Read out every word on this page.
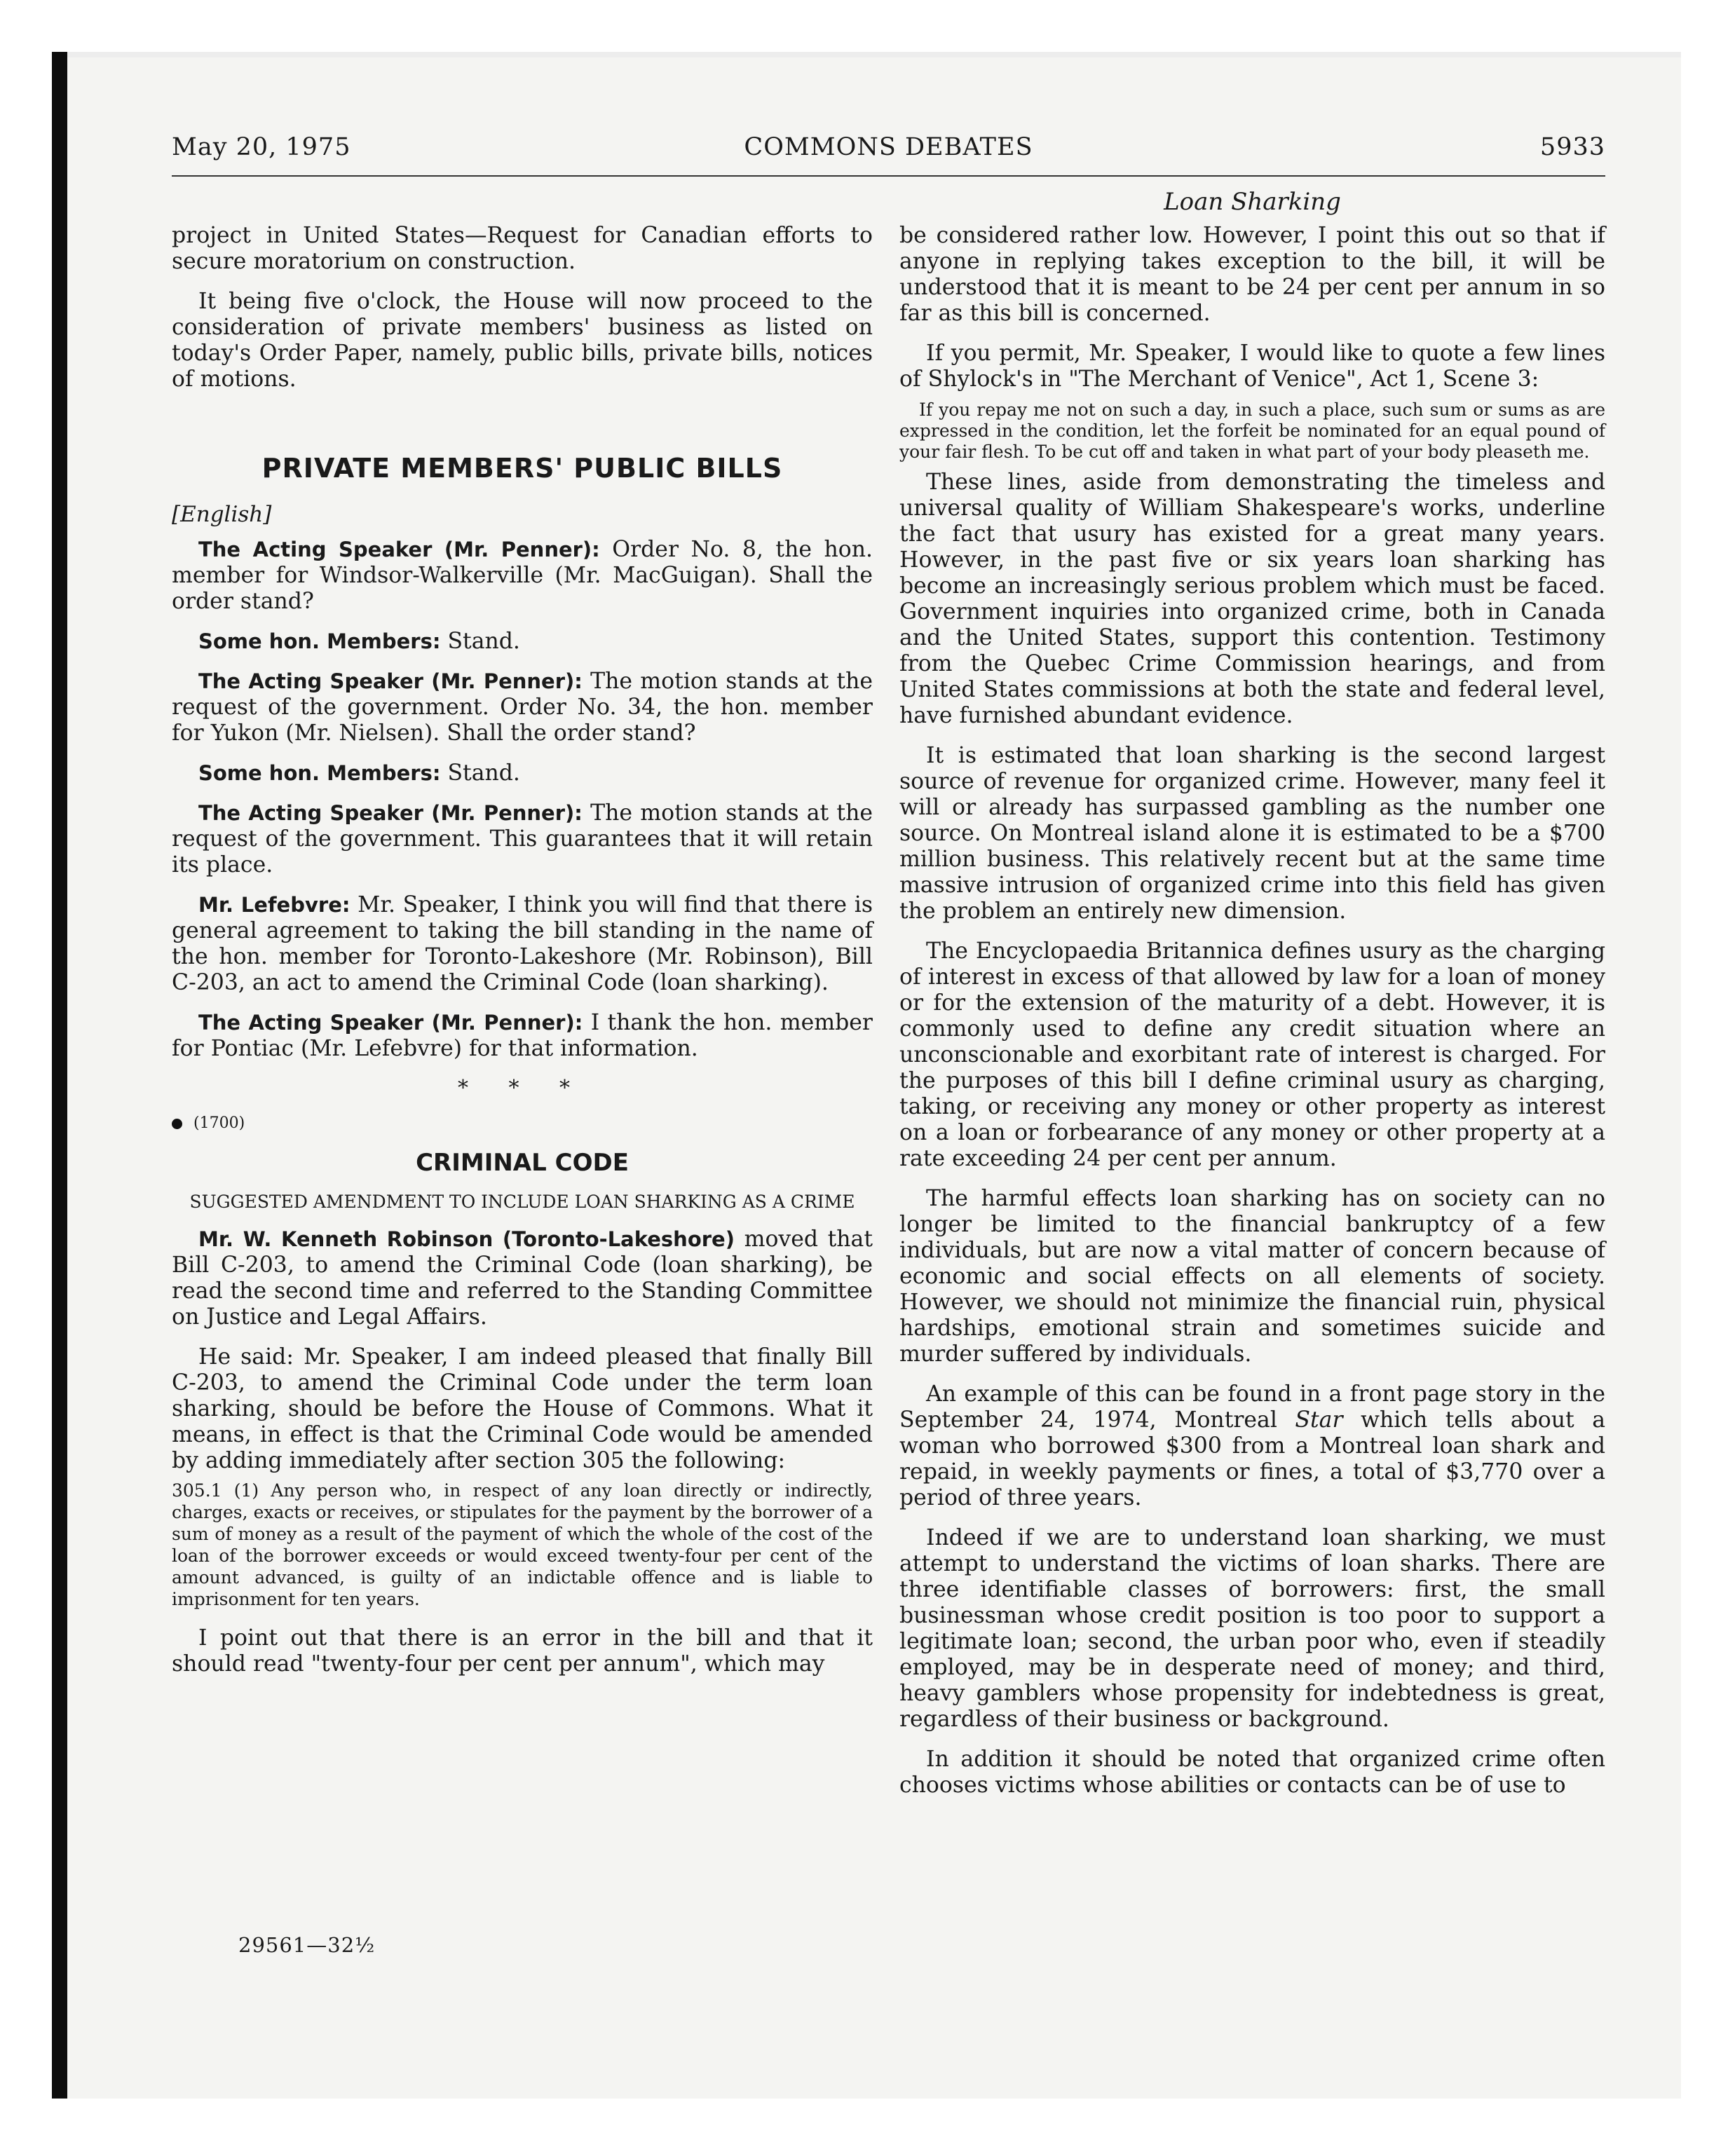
May 20, 1975	COMMONS DEBATES	5933
Loan Sharking

project in United States—Request for Canadian efforts to secure moratorium on construction.

It being five o'clock, the House will now proceed to the consideration of private members' business as listed on today's Order Paper, namely, public bills, private bills, notices of motions.

PRIVATE MEMBERS' PUBLIC BILLS
[English]

The Acting Speaker (Mr. Penner): Order No. 8, the hon. member for Windsor-Walkerville (Mr. MacGuigan). Shall the order stand?

Some hon. Members: Stand.

The Acting Speaker (Mr. Penner): The motion stands at the request of the government. Order No. 34, the hon. member for Yukon (Mr. Nielsen). Shall the order stand?

Some hon. Members: Stand.

The Acting Speaker (Mr. Penner): The motion stands at the request of the government. This guarantees that it will retain its place.

Mr. Lefebvre: Mr. Speaker, I think you will find that there is general agreement to taking the bill standing in the name of the hon. member for Toronto-Lakeshore (Mr. Robinson), Bill C-203, an act to amend the Criminal Code (loan sharking).

The Acting Speaker (Mr. Penner): I thank the hon. member for Pontiac (Mr. Lefebvre) for that information.

* * *
(1700)
CRIMINAL CODE
SUGGESTED AMENDMENT TO INCLUDE LOAN SHARKING AS A CRIME

Mr. W. Kenneth Robinson (Toronto-Lakeshore) moved that Bill C-203, to amend the Criminal Code (loan sharking), be read the second time and referred to the Standing Committee on Justice and Legal Affairs.

He said: Mr. Speaker, I am indeed pleased that finally Bill C-203, to amend the Criminal Code under the term loan sharking, should be before the House of Commons. What it means, in effect is that the Criminal Code would be amended by adding immediately after section 305 the following:

305.1 (1) Any person who, in respect of any loan directly or indirectly, charges, exacts or receives, or stipulates for the payment by the borrower of a sum of money as a result of the payment of which the whole of the cost of the loan of the borrower exceeds or would exceed twenty-four per cent of the amount advanced, is guilty of an indictable offence and is liable to imprisonment for ten years.

I point out that there is an error in the bill and that it should read "twenty-four per cent per annum", which may

be considered rather low. However, I point this out so that if anyone in replying takes exception to the bill, it will be understood that it is meant to be 24 per cent per annum in so far as this bill is concerned.

If you permit, Mr. Speaker, I would like to quote a few lines of Shylock's in "The Merchant of Venice", Act 1, Scene 3:

If you repay me not on such a day, in such a place, such sum or sums as are expressed in the condition, let the forfeit be nominated for an equal pound of your fair flesh. To be cut off and taken in what part of your body pleaseth me.

These lines, aside from demonstrating the timeless and universal quality of William Shakespeare's works, underline the fact that usury has existed for a great many years. However, in the past five or six years loan sharking has become an increasingly serious problem which must be faced. Government inquiries into organized crime, both in Canada and the United States, support this contention. Testimony from the Quebec Crime Commission hearings, and from United States commissions at both the state and federal level, have furnished abundant evidence.

It is estimated that loan sharking is the second largest source of revenue for organized crime. However, many feel it will or already has surpassed gambling as the number one source. On Montreal island alone it is estimated to be a $700 million business. This relatively recent but at the same time massive intrusion of organized crime into this field has given the problem an entirely new dimension.

The Encyclopaedia Britannica defines usury as the charging of interest in excess of that allowed by law for a loan of money or for the extension of the maturity of a debt. However, it is commonly used to define any credit situation where an unconscionable and exorbitant rate of interest is charged. For the purposes of this bill I define criminal usury as charging, taking, or receiving any money or other property as interest on a loan or forbearance of any money or other property at a rate exceeding 24 per cent per annum.

The harmful effects loan sharking has on society can no longer be limited to the financial bankruptcy of a few individuals, but are now a vital matter of concern because of economic and social effects on all elements of society. However, we should not minimize the financial ruin, physical hardships, emotional strain and sometimes suicide and murder suffered by individuals.

An example of this can be found in a front page story in the September 24, 1974, Montreal Star which tells about a woman who borrowed $300 from a Montreal loan shark and repaid, in weekly payments or fines, a total of $3,770 over a period of three years.

Indeed if we are to understand loan sharking, we must attempt to understand the victims of loan sharks. There are three identifiable classes of borrowers: first, the small businessman whose credit position is too poor to support a legitimate loan; second, the urban poor who, even if steadily employed, may be in desperate need of money; and third, heavy gamblers whose propensity for indebtedness is great, regardless of their business or background.

In addition it should be noted that organized crime often chooses victims whose abilities or contacts can be of use to

29561—32½
